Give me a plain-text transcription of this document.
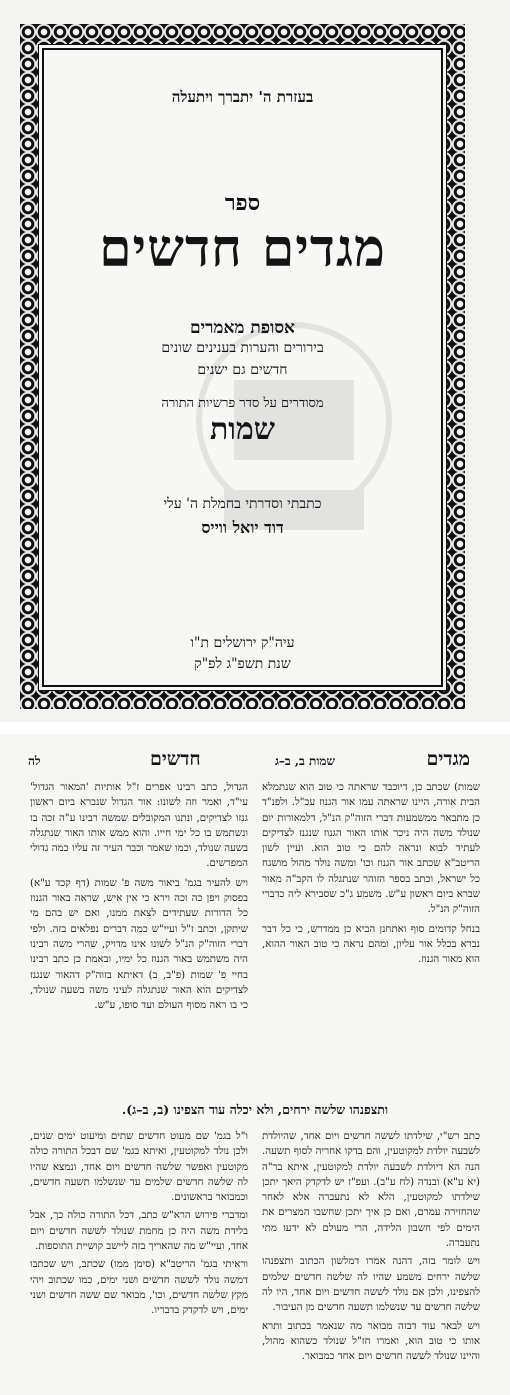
בעזרת ה' יתברך ויתעלה
ספר
מגדים חדשים
אסופת מאמרים
בירורים והערות בענינים שונים
חדשים גם ישנים
מסודרים על סדר פרשיות התורה
שמות
כתבתי וסדרתי בחמלת ה' עלי
דוד יואל ווייס
עיה"ק ירושלים ת"ו
שנת תשפ"ג לפ"ק
מגדים
שמות ב, ב–ג
חדשים
לה

שמות) שכתב כן, דיוכבד שראתה כי טוב הוא שנתמלא הבית אורה, היינו שראתה עמו אור הגנוז עכ"ל. ולפנ"ד כן מתבאר ממשמעות דברי הזוה"ק הנ"ל, דלמאורות יום שנולד משה היה ניכר אותו האור הגנוז שנגנז לצדיקים לעתיד לבוא ונראה להם כי טוב הוא. ועיין לשון הריטב"א שכתב אור הגנוז וכו' ומשה נולד מהול מושגח כל ישראל, וכתב בספר הזוהר שנתגלה לו הקב"ה מאור שברא ביום ראשון ע"ש. משמע ג"כ שסבירא ליה כדברי הזוה"ק הנ"ל.

בנחל קדומים סוף ואתחנן הביא כן ממדרש, כי כל דבר נברא בכלל אור עליון, ומהם נראה כי טוב האור ההוא, הוא מאור הגנוז.

הגדול, כתב רבינו אפרים ז"ל אותיות 'המאור הגדול' עי"ד, ואמר וזה לשונו: אור הגדול שנברא ביום ראשון גנזו לצדיקים, ונתנו המקובלים שמשה רבינו ע"ה זכה בו ונשתמש בו כל ימי חייו. והוא ממש אותו האור שנתגלה בשעה שנולד, וכמו שאמר וכבר העיר זה עליו כמה גדולי המפרשים.

ויש להעיר בגמ' ביאור משה פ' שמות (דף קכד ע"א) בפסוק ויפן כה וכה וירא כי אין איש, שראה באור הגנוז כל הדורות שעתידים לצאת ממנו, ואם יש בהם מי שיתקן, וכתב ז"ל ועיי"ש כמה דברים נפלאים בזה. ולפי דברי הזוה"ק הנ"ל לשונו אינו מדויק, שהרי משה רבינו היה משתמש באור הגנוז כל ימיו, ובאמת כן כתב רבינו בחיי פ' שמות (פ"ב, ב) דאיתא בזוה"ק דהאור שנגנז לצדיקים הוא האור שנתגלה לעיני משה בשעה שנולד, כי בו ראה מסוף העולם ועד סופו, ע"ש.

ותצפנהו שלשה ירחים, ולא יכלה עוד הצפינו (ב, ב–ג).

כתב רש"י, שילדתו לששה חדשים ויום אחד, שהיולדת לשבעה יולדת למקוטעין, והם בדקו אחריה לסוף תשעה. הנה הא דיולדת לשבעה יולדת למקוטעין, איתא בר"ה (יא ע"א) ובנדה (לח ע"ב). ועפ"ז יש לדקדק היאך יתכן שילדתו למקוטעין, הלא לא נתעברה אלא לאחר שהחזירה עמרם, ואם כן איך יתכן שחשבו המצרים את הימים לפי חשבון הלידה, הרי מעולם לא ידעו מתי נתעברה.

ויש לומר בזה, דהנה אמרו דמלשון הכתוב ותצפנהו שלשה ירחים משמע שהיו לה שלשה חדשים שלמים להצפינו, ולכן אם נולד לששה חדשים ויום אחד, היו לה שלשה חדשים עד שנשלמו תשעה חדשים מן העיבור.

ויש לבאר עוד דבזה מבואר מה שנאמר בכתוב ותרא אותו כי טוב הוא, ואמרו חז"ל שנולד כשהוא מהול, והיינו שנולד לששה חדשים ויום אחד כמבואר.

ו"ל בגמ' שם מעוט חדשים שתים ומיעוט ימים שנים, ולכן נולד למקוטעין, ואיתא בגמ' שם דבכל התורה כולה מקוטעין ואפשר שלשה חדשים ויום אחד, ונמצא שהיו לה שלשה חדשים שלמים עד שנשלמו תשעה חדשים, וכמבואר בראשונים.

ומדברי פירוש הרא"ש כתב, דכל התורה כולה כך, אבל בלידת משה היה כן מחמת שנולד לששה חדשים ויום אחד, ועיי"ש מה שהאריך בזה ליישב קושיית התוספות.

וראיתי בגמ' הריטב"א (סימן ממו) שכתב, ויש שכתבו דמשה נולד לששה חדשים ושני ימים, כמו שכתוב ויהי מקץ שלשה חדשים, וכו', מבואר שם ששה חדשים ושני ימים, ויש לדקדק בדבריו.
